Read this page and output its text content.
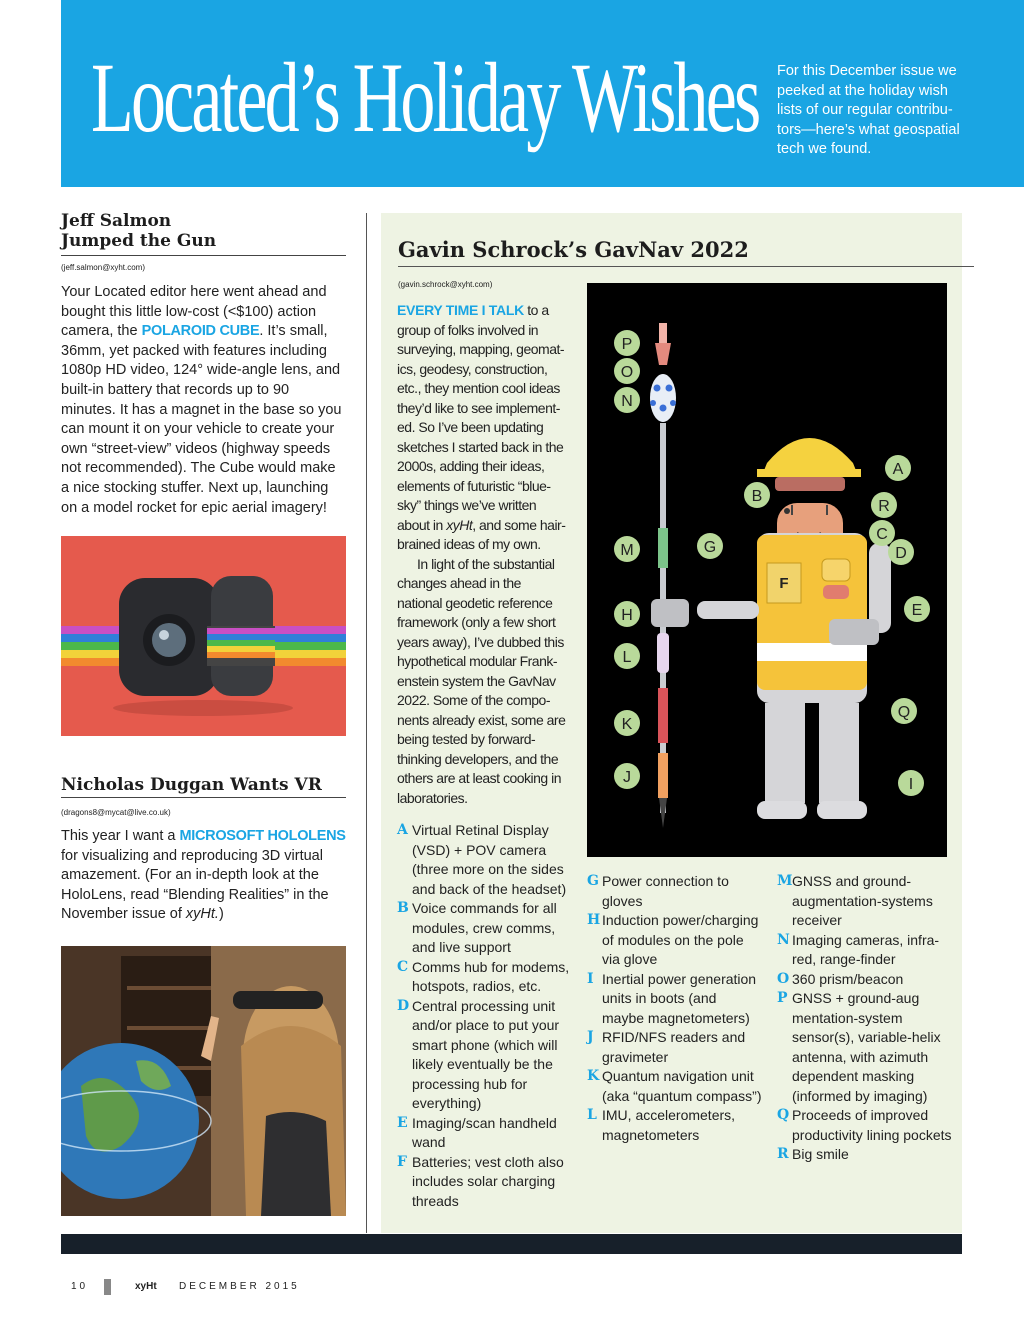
Located’s Holiday Wishes For this December issue we peeked at the holiday wish lists of our regular contributors—here’s what geospatial tech we found.
Jeff Salmon
Jumped the Gun
(jeff.salmon@xyht.com)
Your Located editor here went ahead and bought this little low-cost (<$100) action camera, the POLAROID CUBE. It’s small, 36mm, yet packed with features including 1080p HD video, 124° wide-angle lens, and built-in battery that records up to 90 minutes. It has a magnet in the base so you can mount it on your vehicle to create your own “street-view” videos (highway speeds not recommended). The Cube would make a nice stocking stuffer. Next up, launching on a model rocket for epic aerial imagery!
Nicholas Duggan Wants VR
(dragons8@mycat@live.co.uk)
This year I want a MICROSOFT HOLOLENS for visualizing and reproducing 3D virtual amazement. (For an in-depth look at the HoloLens, read “Blending Realities” in the November issue of xyHt.)
Gavin Schrock’s GavNav 2022
(gavin.schrock@xyht.com)
EVERY TIME I TALK to a group of folks involved in surveying, mapping, geomatics, geodesy, construction, etc., they mention cool ideas they’d like to see implemented. So I’ve been updating sketches I started back in the 2000s, adding their ideas, elements of futuristic “blue-sky” things we’ve written about in xyHt, and some hair-brained ideas of my own.
In light of the substantial changes ahead in the national geodetic reference framework (only a few short years away), I’ve dubbed this hypothetical modular Frankenstein system the GavNav 2022. Some of the components already exist, some are being tested by forward-thinking developers, and the others are at least cooking in laboratories.
P
O
N
M	G
H
L
K
J
B
A
R
C
D
E
Q
I
F
A Virtual Retinal Display (VSD) + POV camera (three more on the sides and back of the headset)
B Voice commands for all modules, crew comms, and live support
C Comms hub for modems, hotspots, radios, etc.
D Central processing unit and/or place to put your smart phone (which will likely eventually be the processing hub for everything)
E Imaging/scan handheld wand
F Batteries; vest cloth also includes solar charging threads
G Power connection to gloves
H Induction power/charging of modules on the pole via glove
I Inertial power generation units in boots (and maybe magnetometers)
J RFID/NFS readers and gravimeter
K Quantum navigation unit (aka “quantum compass”)
L IMU, accelerometers, magnetometers
M GNSS and ground-augmentation-systems receiver
N Imaging cameras, infrared, range-finder
O 360 prism/beacon
P GNSS + ground-aug mentation-system sensor(s), variable-helix antenna, with azimuth dependent masking (informed by imaging)
Q Proceeds of improved productivity lining pockets
R Big smile
10	xyHt DECEMBER 2015
